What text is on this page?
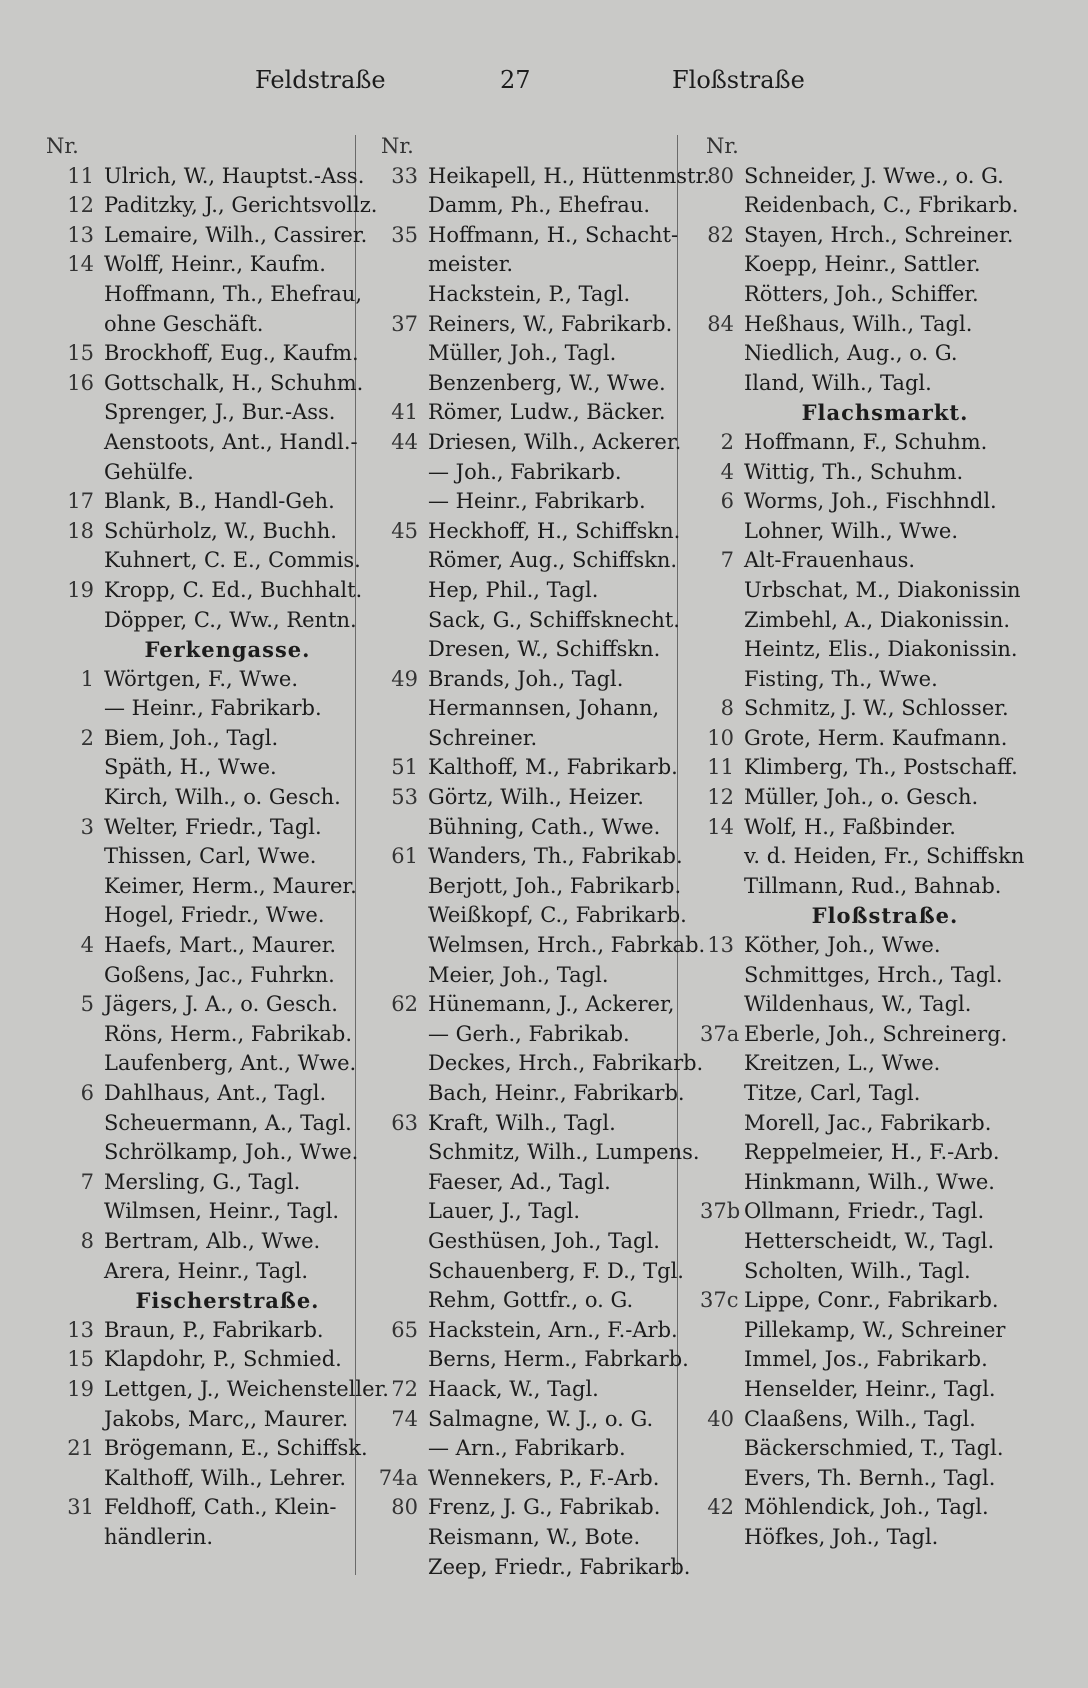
Feldstraße	27	Floßstraße
Nr.
11 Ulrich, W., Hauptst.-Ass.
12 Paditzky, J., Gerichtsvollz.
13 Lemaire, Wilh., Cassirer.
14 Wolff, Heinr., Kaufm.
Hoffmann, Th., Ehefrau,
ohne Geschäft.
15 Brockhoff, Eug., Kaufm.
16 Gottschalk, H., Schuhm.
Sprenger, J., Bur.-Ass.
Aenstoots, Ant., Handl.-
Gehülfe.
17 Blank, B., Handl-Geh.
18 Schürholz, W., Buchh.
Kuhnert, C. E., Commis.
19 Kropp, C. Ed., Buchhalt.
Döpper, C., Ww., Rentn.
Ferkengasse.
1 Wörtgen, F., Wwe.
— Heinr., Fabrikarb.
2 Biem, Joh., Tagl.
Späth, H., Wwe.
Kirch, Wilh., o. Gesch.
3 Welter, Friedr., Tagl.
Thissen, Carl, Wwe.
Keimer, Herm., Maurer.
Hogel, Friedr., Wwe.
4 Haefs, Mart., Maurer.
Goßens, Jac., Fuhrkn.
5 Jägers, J. A., o. Gesch.
Röns, Herm., Fabrikab.
Laufenberg, Ant., Wwe.
6 Dahlhaus, Ant., Tagl.
Scheuermann, A., Tagl.
Schrölkamp, Joh., Wwe.
7 Mersling, G., Tagl.
Wilmsen, Heinr., Tagl.
8 Bertram, Alb., Wwe.
Arera, Heinr., Tagl.
Fischerstraße.
13 Braun, P., Fabrikarb.
15 Klapdohr, P., Schmied.
19 Lettgen, J., Weichensteller.
Jakobs, Marc,, Maurer.
21 Brögemann, E., Schiffsk.
Kalthoff, Wilh., Lehrer.
31 Feldhoff, Cath., Klein-
händlerin.
Nr.
33 Heikapell, H., Hüttenmstr.
Damm, Ph., Ehefrau.
35 Hoffmann, H., Schacht-
meister.
Hackstein, P., Tagl.
37 Reiners, W., Fabrikarb.
Müller, Joh., Tagl.
Benzenberg, W., Wwe.
41 Römer, Ludw., Bäcker.
44 Driesen, Wilh., Ackerer.
— Joh., Fabrikarb.
— Heinr., Fabrikarb.
45 Heckhoff, H., Schiffskn.
Römer, Aug., Schiffskn.
Hep, Phil., Tagl.
Sack, G., Schiffsknecht.
Dresen, W., Schiffskn.
49 Brands, Joh., Tagl.
Hermannsen, Johann,
Schreiner.
51 Kalthoff, M., Fabrikarb.
53 Görtz, Wilh., Heizer.
Bühning, Cath., Wwe.
61 Wanders, Th., Fabrikab.
Berjott, Joh., Fabrikarb.
Weißkopf, C., Fabrikarb.
Welmsen, Hrch., Fabrkab.
Meier, Joh., Tagl.
62 Hünemann, J., Ackerer,
— Gerh., Fabrikab.
Deckes, Hrch., Fabrikarb.
Bach, Heinr., Fabrikarb.
63 Kraft, Wilh., Tagl.
Schmitz, Wilh., Lumpens.
Faeser, Ad., Tagl.
Lauer, J., Tagl.
Gesthüsen, Joh., Tagl.
Schauenberg, F. D., Tgl.
Rehm, Gottfr., o. G.
65 Hackstein, Arn., F.-Arb.
Berns, Herm., Fabrkarb.
72 Haack, W., Tagl.
74 Salmagne, W. J., o. G.
— Arn., Fabrikarb.
74a Wennekers, P., F.-Arb.
80 Frenz, J. G., Fabrikab.
Reismann, W., Bote.
Zeep, Friedr., Fabrikarb.
Nr.
80 Schneider, J. Wwe., o. G.
Reidenbach, C., Fbrikarb.
82 Stayen, Hrch., Schreiner.
Koepp, Heinr., Sattler.
Rötters, Joh., Schiffer.
84 Heßhaus, Wilh., Tagl.
Niedlich, Aug., o. G.
Iland, Wilh., Tagl.
Flachsmarkt.
2 Hoffmann, F., Schuhm.
4 Wittig, Th., Schuhm.
6 Worms, Joh., Fischhndl.
Lohner, Wilh., Wwe.
7 Alt-Frauenhaus.
Urbschat, M., Diakonissin
Zimbehl, A., Diakonissin.
Heintz, Elis., Diakonissin.
Fisting, Th., Wwe.
8 Schmitz, J. W., Schlosser.
10 Grote, Herm. Kaufmann.
11 Klimberg, Th., Postschaff.
12 Müller, Joh., o. Gesch.
14 Wolf, H., Faßbinder.
v. d. Heiden, Fr., Schiffskn
Tillmann, Rud., Bahnab.
Floßstraße.
13 Köther, Joh., Wwe.
Schmittges, Hrch., Tagl.
Wildenhaus, W., Tagl.
37a Eberle, Joh., Schreinerg.
Kreitzen, L., Wwe.
Titze, Carl, Tagl.
Morell, Jac., Fabrikarb.
Reppelmeier, H., F.-Arb.
Hinkmann, Wilh., Wwe.
37b Ollmann, Friedr., Tagl.
Hetterscheidt, W., Tagl.
Scholten, Wilh., Tagl.
37c Lippe, Conr., Fabrikarb.
Pillekamp, W., Schreiner
Immel, Jos., Fabrikarb.
Henselder, Heinr., Tagl.
40 Claaßens, Wilh., Tagl.
Bäckerschmied, T., Tagl.
Evers, Th. Bernh., Tagl.
42 Möhlendick, Joh., Tagl.
Höfkes, Joh., Tagl.
